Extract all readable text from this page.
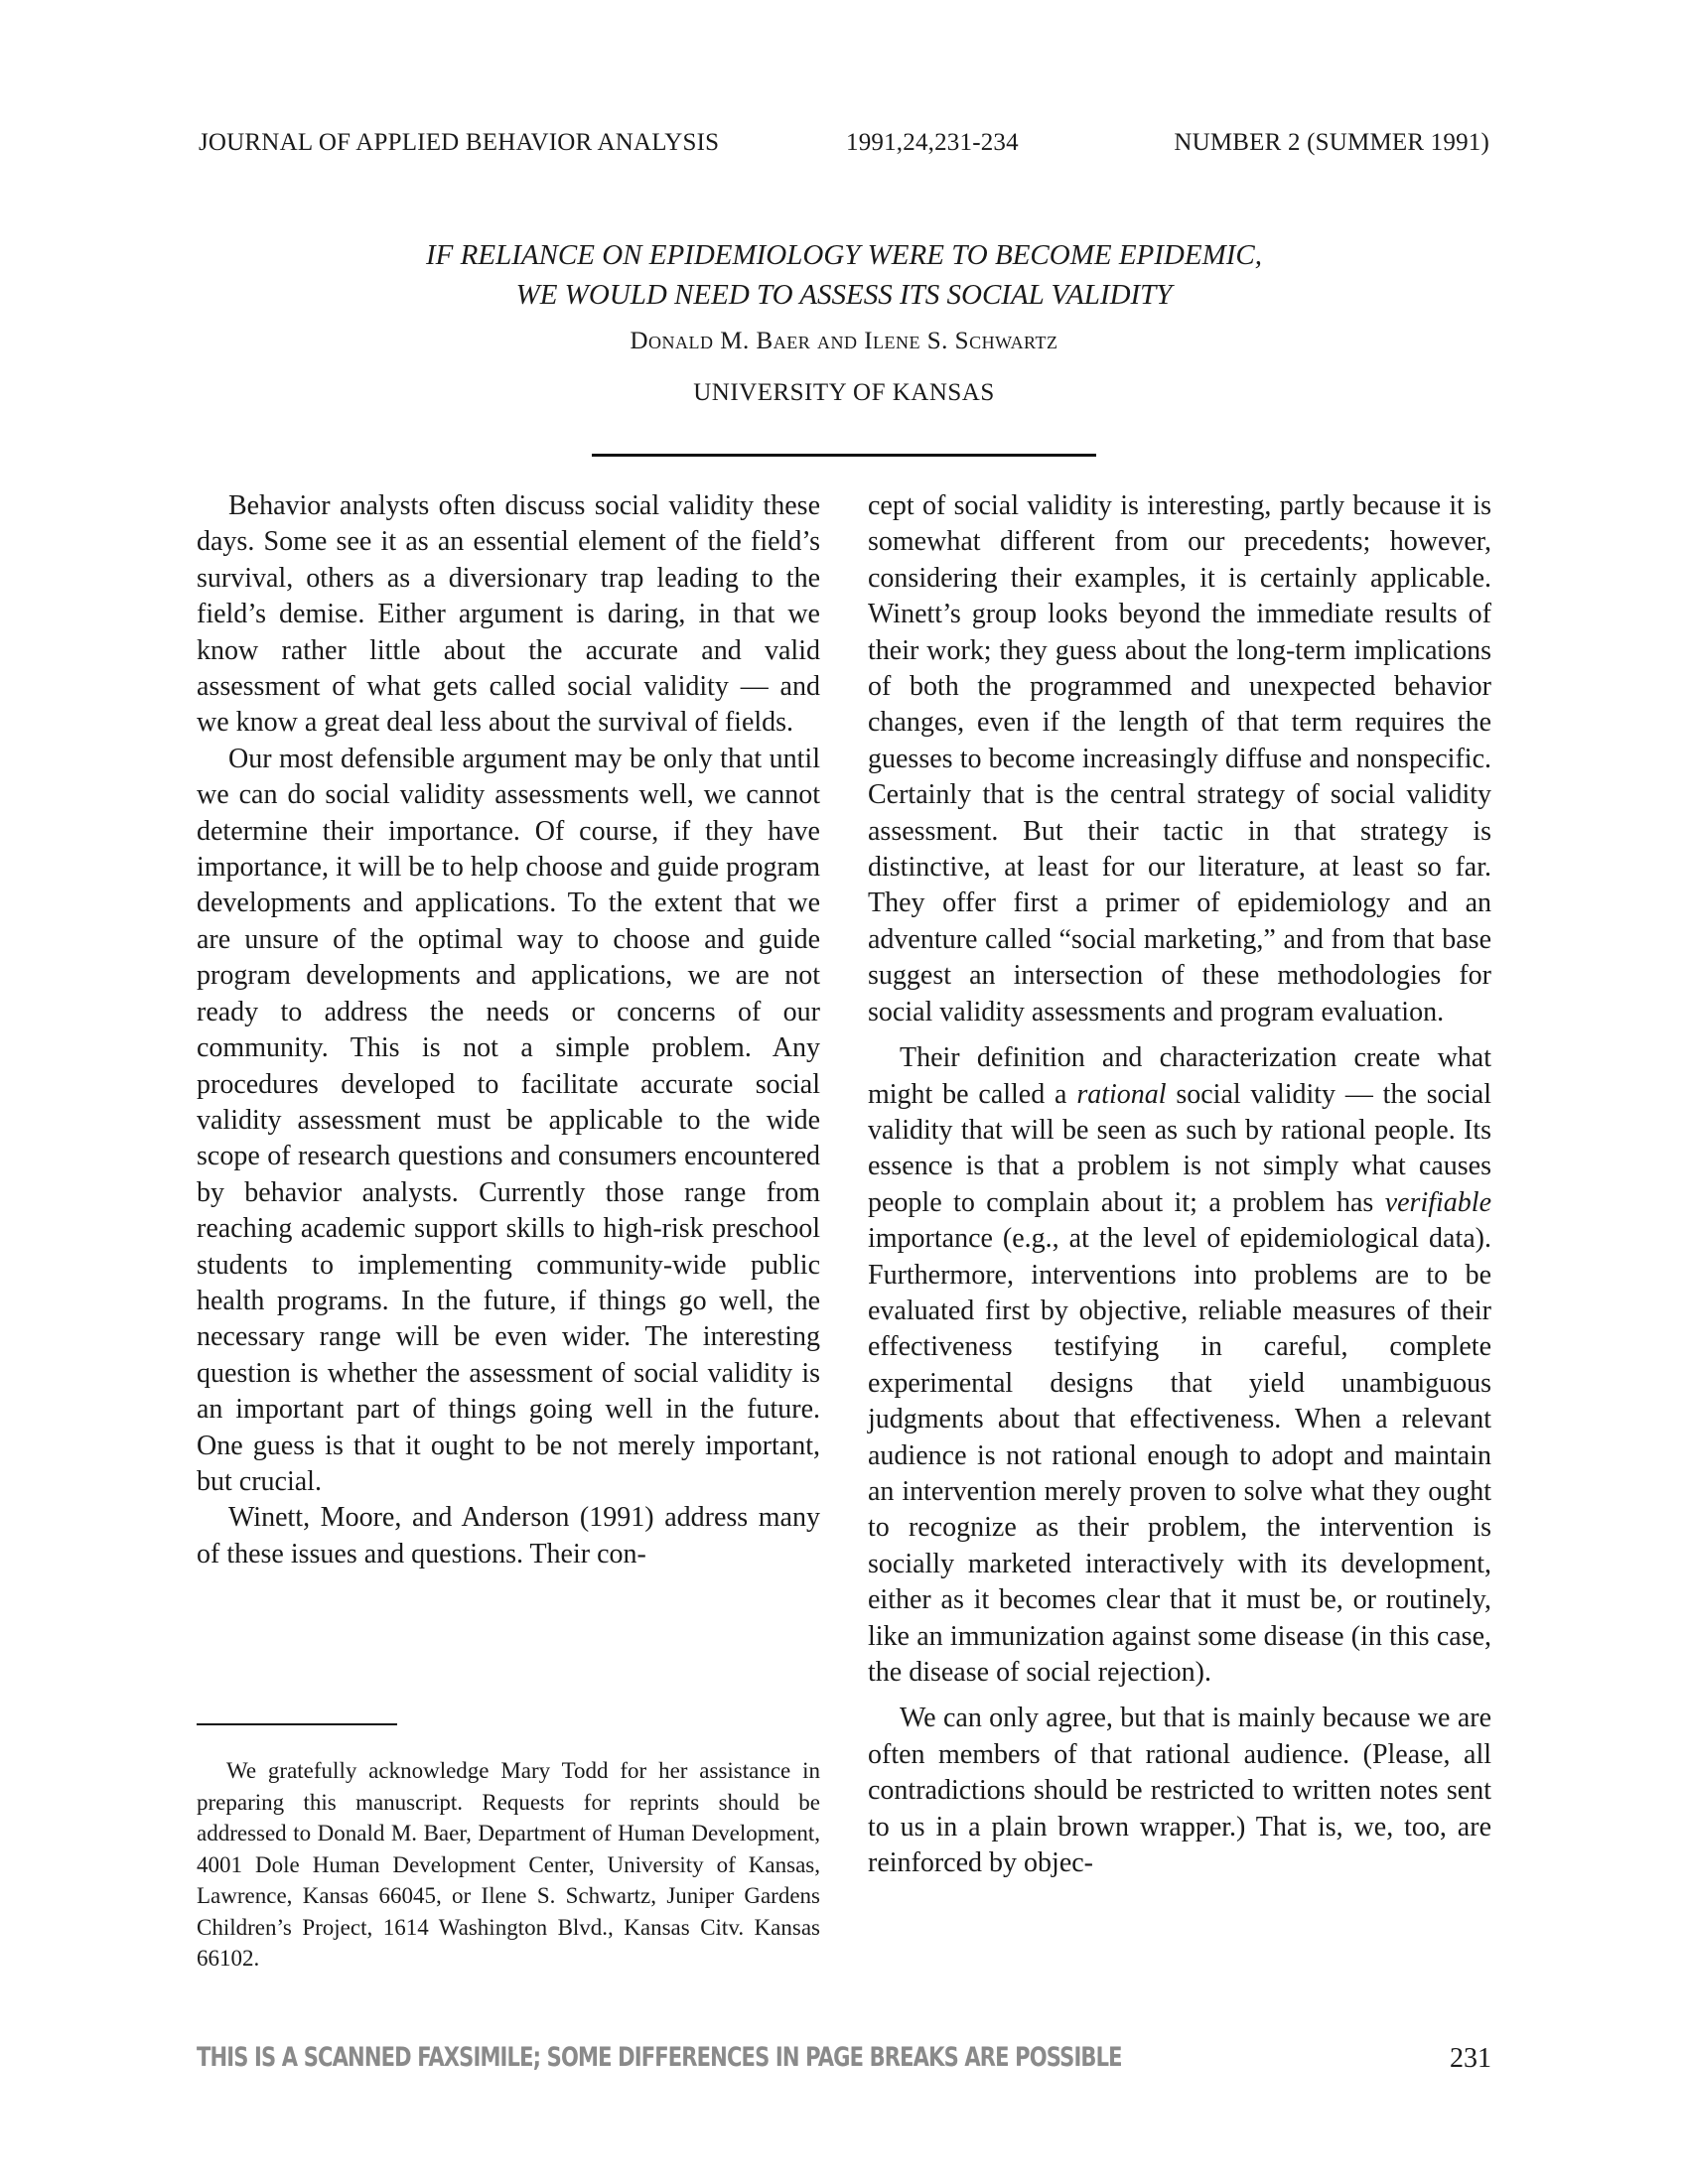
JOURNAL OF APPLIED BEHAVIOR ANALYSIS	1991,24,231-234	NUMBER 2 (SUMMER 1991)
IF RELIANCE ON EPIDEMIOLOGY WERE TO BECOME EPIDEMIC,
WE WOULD NEED TO ASSESS ITS SOCIAL VALIDITY
Donald M. Baer and Ilene S. Schwartz
UNIVERSITY OF KANSAS

Behavior analysts often discuss social validity these days. Some see it as an essential element of the field’s survival, others as a diversionary trap leading to the field’s demise. Either argument is daring, in that we know rather little about the accurate and valid assessment of what gets called social validity — and we know a great deal less about the survival of fields.

Our most defensible argument may be only that until we can do social validity assessments well, we cannot determine their importance. Of course, if they have importance, it will be to help choose and guide program developments and applications. To the extent that we are unsure of the optimal way to choose and guide program developments and applications, we are not ready to address the needs or concerns of our community. This is not a simple problem. Any procedures developed to facilitate accurate social validity assessment must be applicable to the wide scope of research questions and consumers encountered by behavior analysts. Currently those range from reaching academic support skills to high-risk preschool students to implementing community-wide public health programs. In the future, if things go well, the necessary range will be even wider. The interesting question is whether the assessment of social validity is an important part of things going well in the future. One guess is that it ought to be not merely important, but crucial.

Winett, Moore, and Anderson (1991) address many of these issues and questions. Their con-

We gratefully acknowledge Mary Todd for her assistance in preparing this manuscript. Requests for reprints should be addressed to Donald M. Baer, Department of Human Development, 4001 Dole Human Development Center, University of Kansas, Lawrence, Kansas 66045, or Ilene S. Schwartz, Juniper Gardens Children’s Project, 1614 Washington Blvd., Kansas Citv. Kansas 66102.

cept of social validity is interesting, partly because it is somewhat different from our precedents; however, considering their examples, it is certainly applicable. Winett’s group looks beyond the immediate results of their work; they guess about the long-term implications of both the programmed and unexpected behavior changes, even if the length of that term requires the guesses to become increasingly diffuse and nonspecific. Certainly that is the central strategy of social validity assessment. But their tactic in that strategy is distinctive, at least for our literature, at least so far. They offer first a primer of epidemiology and an adventure called “social marketing,” and from that base suggest an intersection of these methodologies for social validity assessments and program evaluation.

Their definition and characterization create what might be called a rational social validity — the social validity that will be seen as such by rational people. Its essence is that a problem is not simply what causes people to complain about it; a problem has verifiable importance (e.g., at the level of epidemiological data). Furthermore, interventions into problems are to be evaluated first by objective, reliable measures of their effectiveness testifying in careful, complete experimental designs that yield unambiguous judgments about that effectiveness. When a relevant audience is not rational enough to adopt and maintain an intervention merely proven to solve what they ought to recognize as their problem, the intervention is socially marketed interactively with its development, either as it becomes clear that it must be, or routinely, like an immunization against some disease (in this case, the disease of social rejection).

We can only agree, but that is mainly because we are often members of that rational audience. (Please, all contradictions should be restricted to written notes sent to us in a plain brown wrapper.) That is, we, too, are reinforced by objec-

THIS IS A SCANNED FAXSIMILE; SOME DIFFERENCES IN PAGE BREAKS ARE POSSIBLE	231
